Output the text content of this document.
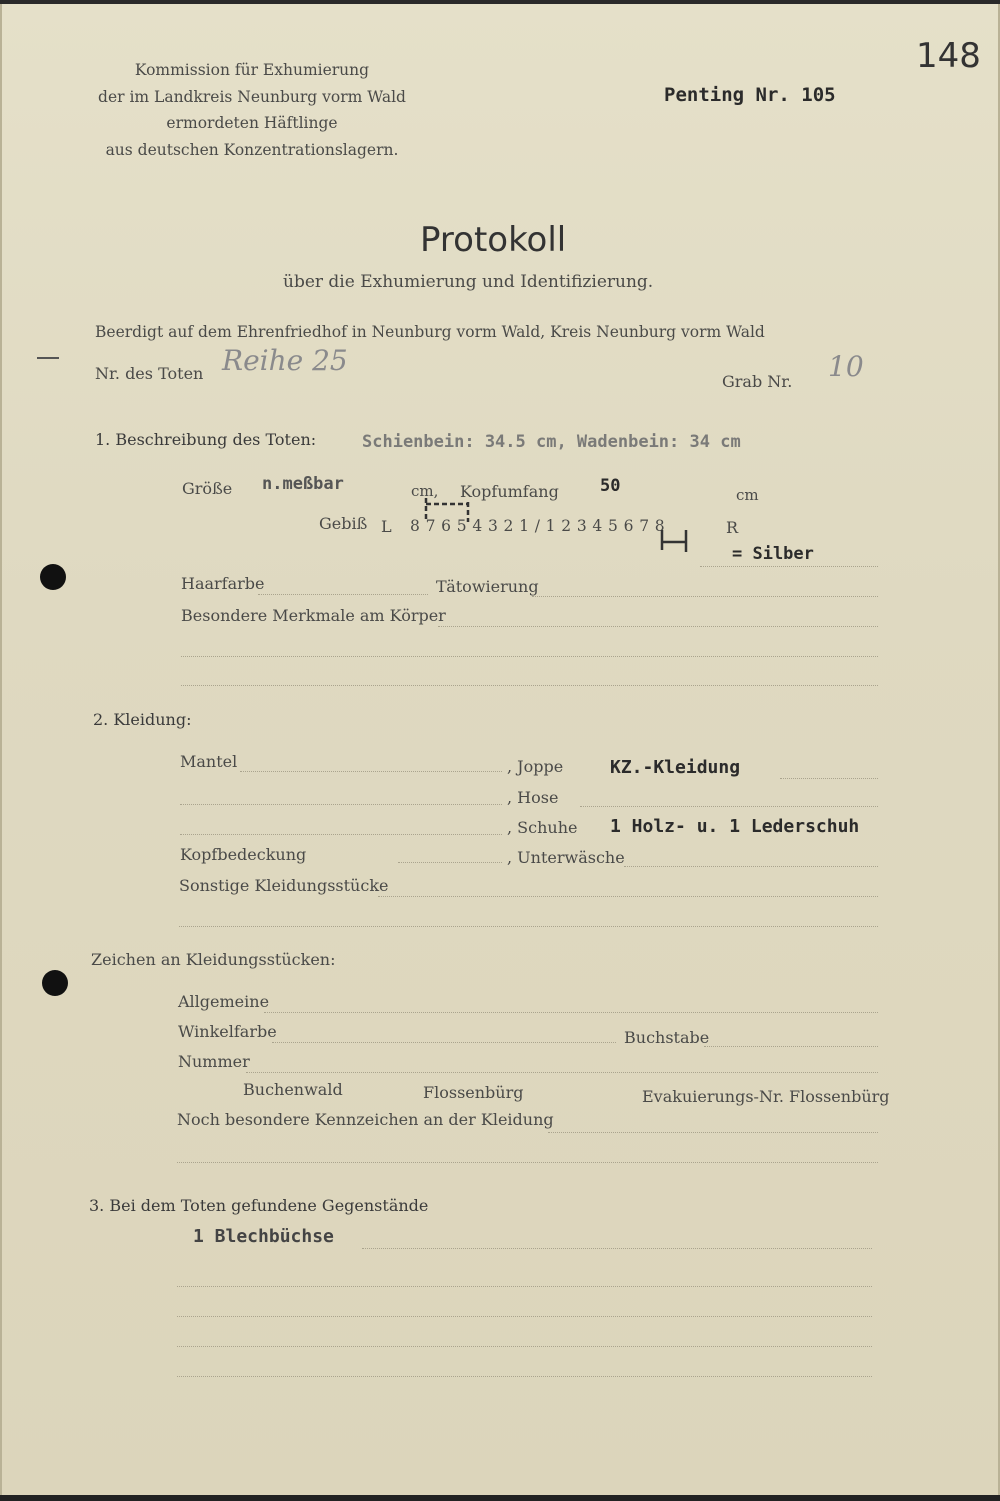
148
Kommission für Exhumierung
der im Landkreis Neunburg vorm Wald
ermordeten Häftlinge
aus deutschen Konzentrationslagern.
Penting Nr. 105
Protokoll
über die Exhumierung und Identifizierung.
Beerdigt auf dem Ehrenfriedhof in Neunburg vorm Wald, Kreis Neunburg vorm Wald
Nr. des Toten Reihe 25
Grab Nr. 10
1. Beschreibung des Toten:	Schienbein: 34.5 cm, Wadenbein: 34 cm
Größe n.meßbar	cm, Kopfumfang 50	cm
Gebiß L 8 7 6 5 4 3 2 1 / 1 2 3 4 5 6 7 8	R
= Silber
Haarfarbe	Tätowierung
Besondere Merkmale am Körper
2. Kleidung:
Mantel	, Joppe	KZ.-Kleidung
, Hose
, Schuhe 1 Holz- u. 1 Lederschuh
Kopfbedeckung	, Unterwäsche
Sonstige Kleidungsstücke
Zeichen an Kleidungsstücken:
Allgemeine
Winkelfarbe	Buchstabe
Nummer
Buchenwald	Flossenbürg	Evakuierungs-Nr. Flossenbürg
Noch besondere Kennzeichen an der Kleidung
3. Bei dem Toten gefundene Gegenstände
1 Blechbüchse
